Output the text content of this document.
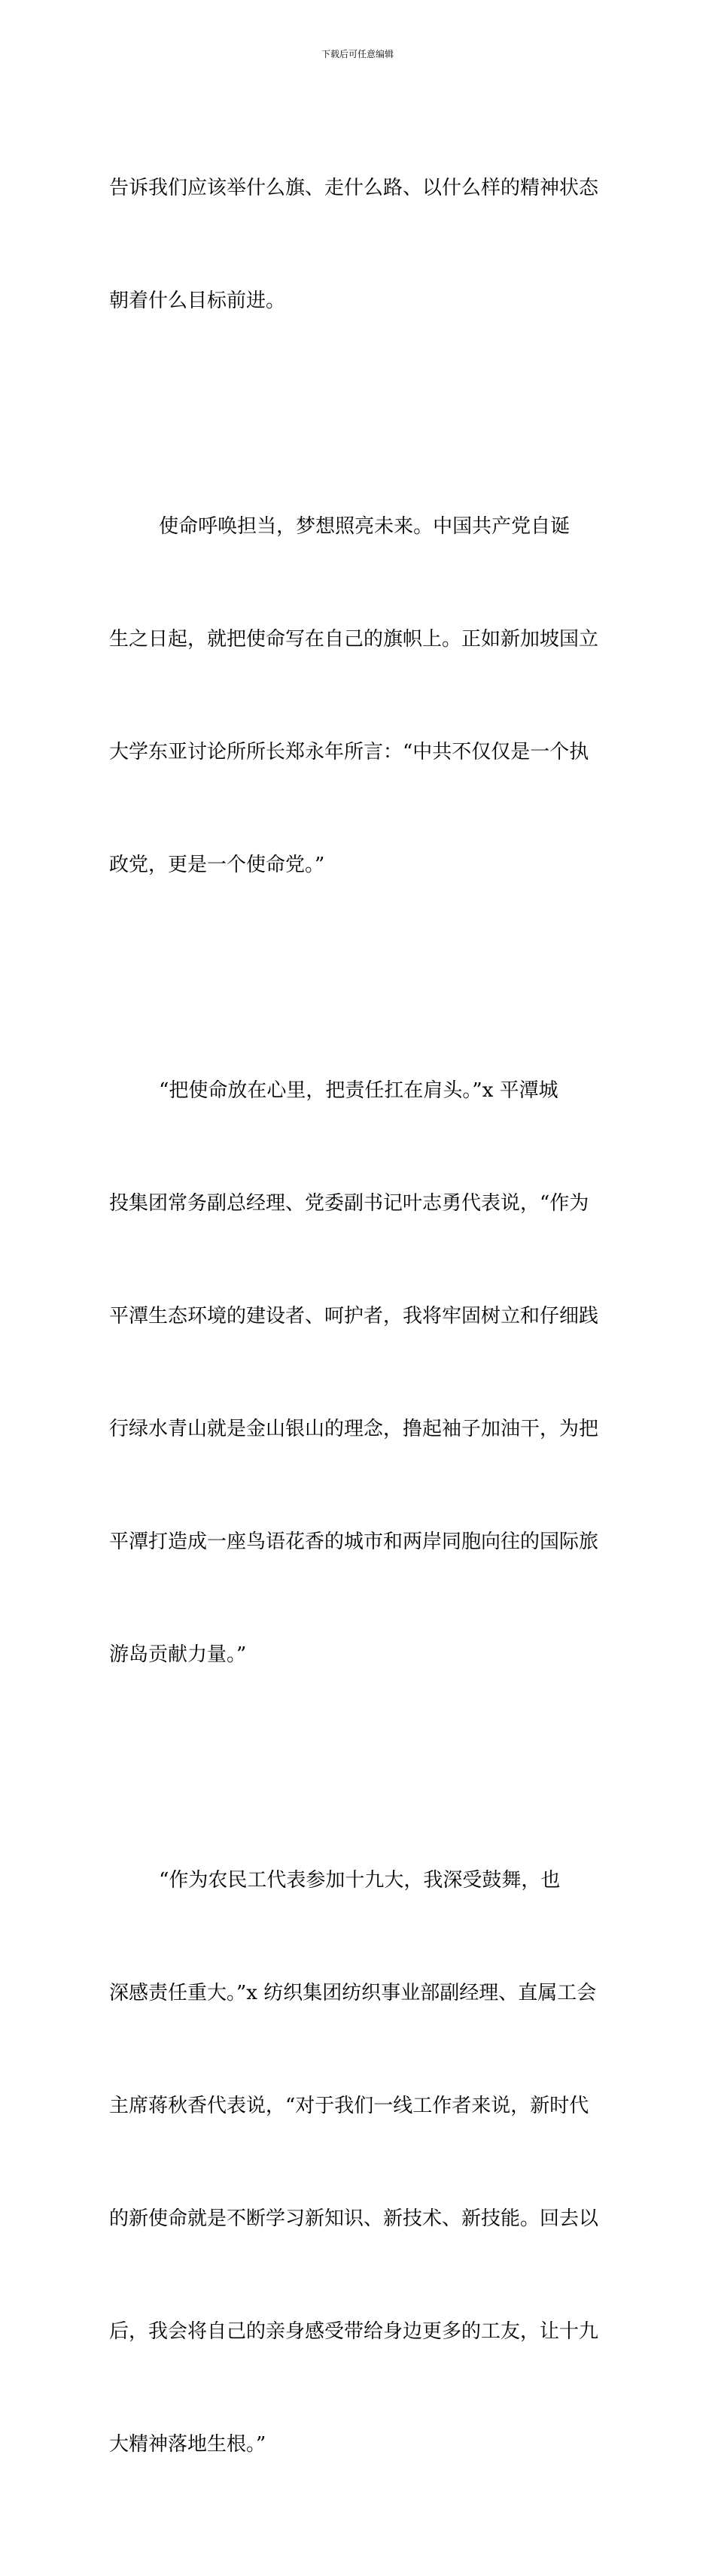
下载后可任意编辑

告诉我们应该举什么旗、走什么路、以什么样的精神状态

朝着什么目标前进。

使命呼唤担当，梦想照亮未来。中国共产党自诞

生之日起，就把使命写在自己的旗帜上。正如新加坡国立

大学东亚讨论所所长郑永年所言：“中共不仅仅是一个执

政党，更是一个使命党。”

“把使命放在心里，把责任扛在肩头。”x 平潭城

投集团常务副总经理、党委副书记叶志勇代表说，“作为

平潭生态环境的建设者、呵护者，我将牢固树立和仔细践

行绿水青山就是金山银山的理念，撸起袖子加油干，为把

平潭打造成一座鸟语花香的城市和两岸同胞向往的国际旅

游岛贡献力量。”

“作为农民工代表参加十九大，我深受鼓舞，也

深感责任重大。”x 纺织集团纺织事业部副经理、直属工会

主席蒋秋香代表说，“对于我们一线工作者来说，新时代

的新使命就是不断学习新知识、新技术、新技能。回去以

后，我会将自己的亲身感受带给身边更多的工友，让十九

大精神落地生根。”
